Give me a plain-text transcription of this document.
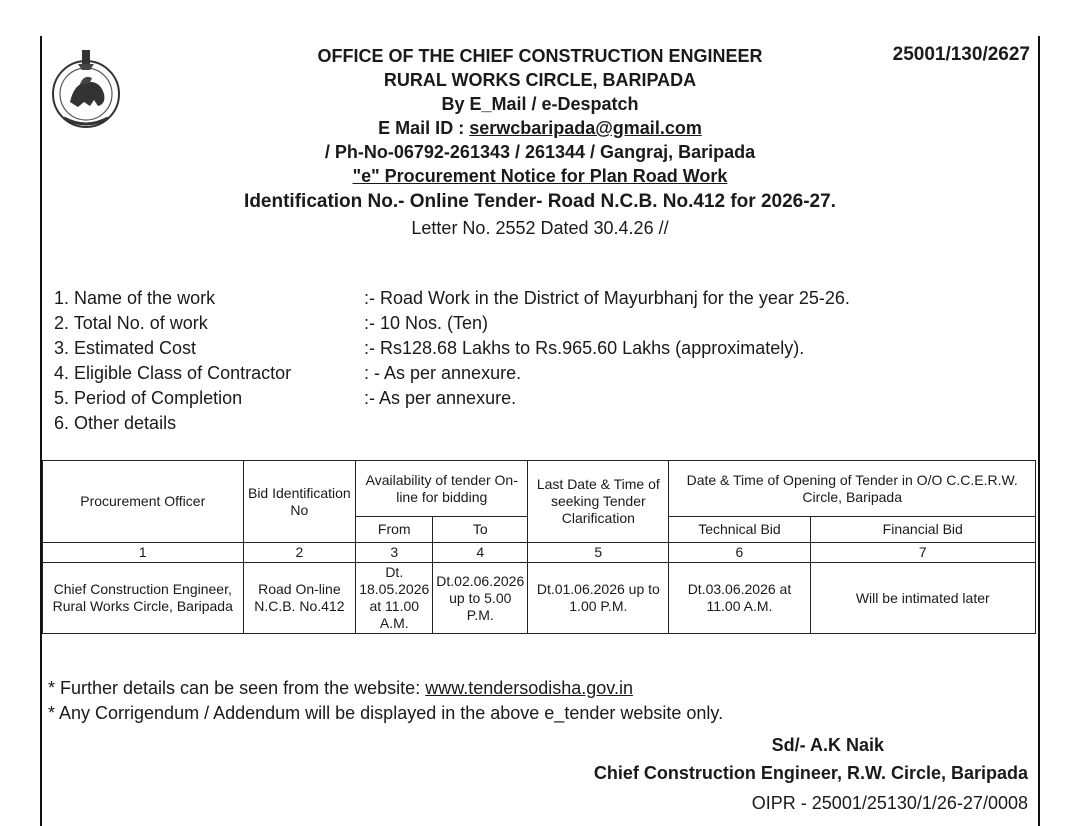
25001/130/2627
OFFICE OF THE CHIEF CONSTRUCTION ENGINEER
RURAL WORKS CIRCLE, BARIPADA
By E_Mail / e-Despatch
E Mail ID : serwcbaripada@gmail.com
/ Ph-No-06792-261343 / 261344 / Gangraj, Baripada
"e" Procurement Notice for Plan Road Work
Identification No.- Online Tender- Road N.C.B. No.412 for 2026-27.
Letter No. 2552 Dated 30.4.26 //
1. Name of the work	:- Road Work in the District of Mayurbhanj for the year 25-26.
2. Total No. of work	:- 10 Nos. (Ten)
3. Estimated Cost	:- Rs128.68 Lakhs to Rs.965.60 Lakhs (approximately).
4. Eligible Class of Contractor	: - As per annexure.
5. Period of Completion	:- As per annexure.
6. Other details
Procurement Officer	Bid Identification No	Availability of tender On-line for bidding		Last Date & Time of seeking Tender Clarification	Date & Time of Opening of Tender in O/O C.C.E.R.W. Circle, Baripada	
		From	To		Technical Bid	Financial Bid
1	2	3	4	5	6	7
Chief Construction Engineer, Rural Works Circle, Baripada	Road On-line N.C.B. No.412	Dt. 18.05.2026 at 11.00 A.M.	Dt.02.06.2026 up to 5.00 P.M.	Dt.01.06.2026 up to 1.00 P.M.	Dt.03.06.2026 at 11.00 A.M.	Will be intimated later
* Further details can be seen from the website: www.tendersodisha.gov.in
* Any Corrigendum / Addendum will be displayed in the above e_tender website only.
Sd/- A.K Naik
Chief Construction Engineer, R.W. Circle, Baripada
OIPR - 25001/25130/1/26-27/0008
